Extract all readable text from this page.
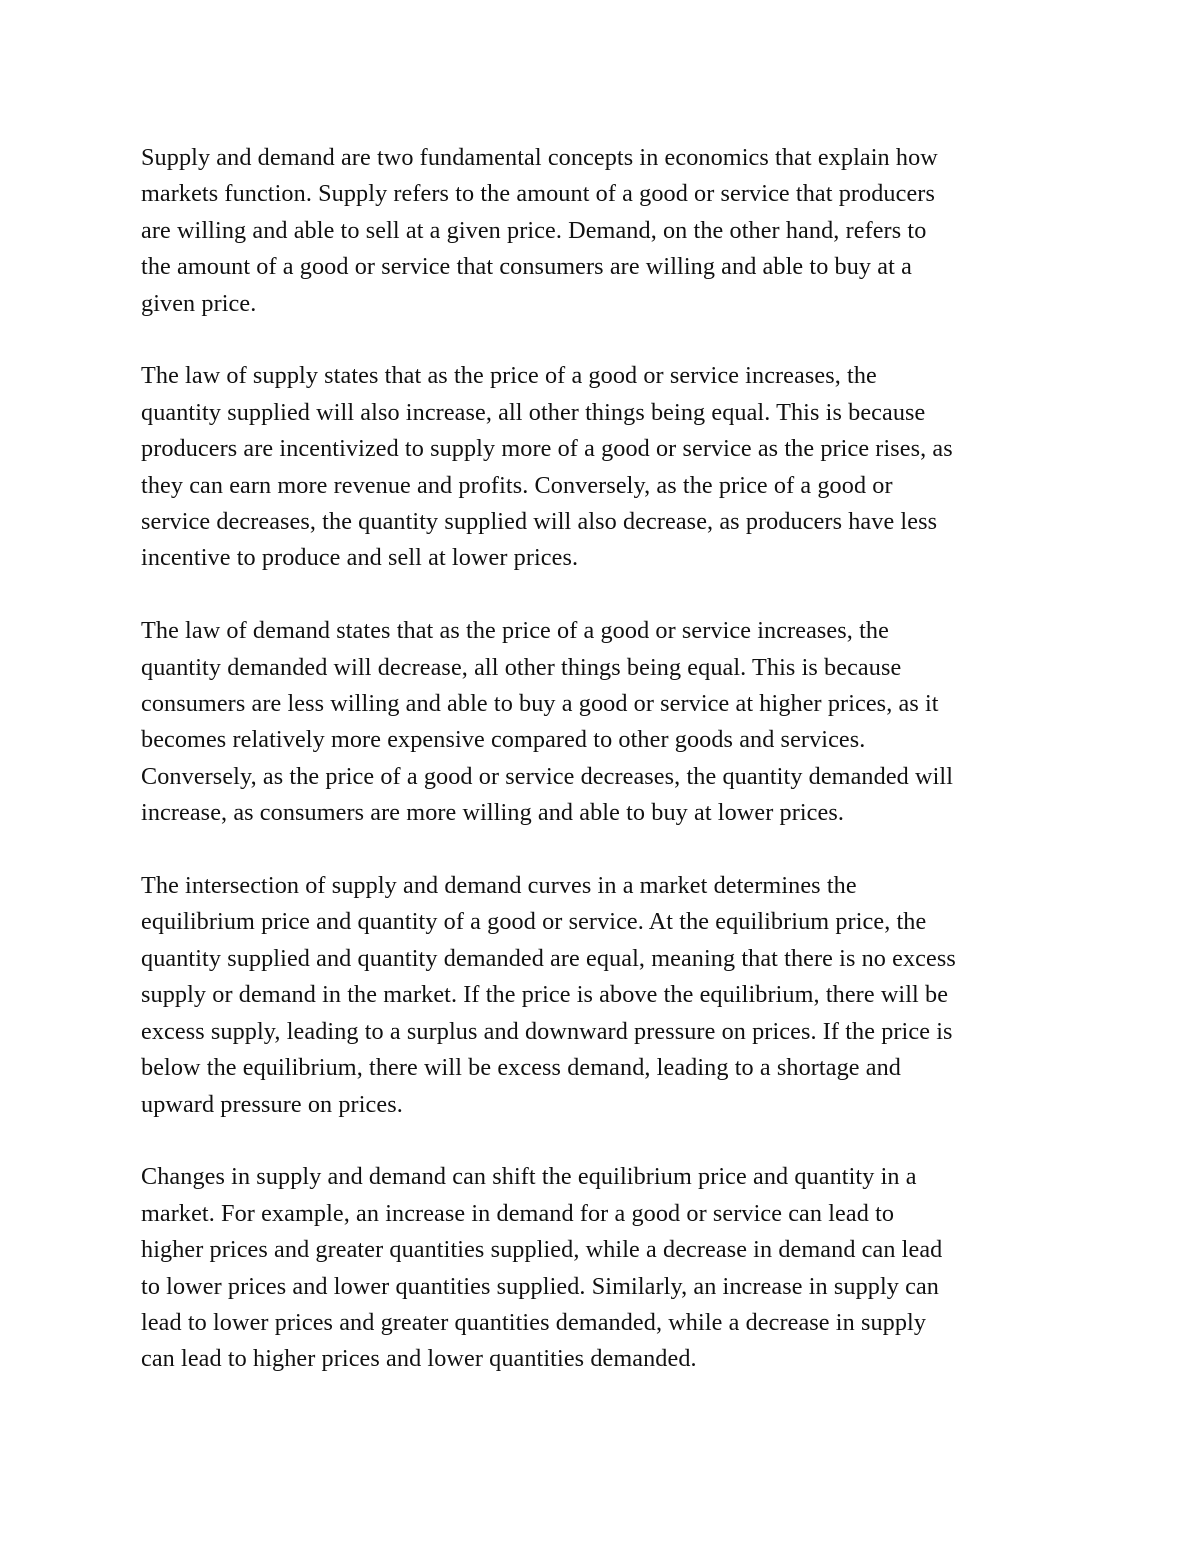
Supply and demand are two fundamental concepts in economics that explain how
markets function. Supply refers to the amount of a good or service that producers
are willing and able to sell at a given price. Demand, on the other hand, refers to
the amount of a good or service that consumers are willing and able to buy at a
given price.

The law of supply states that as the price of a good or service increases, the
quantity supplied will also increase, all other things being equal. This is because
producers are incentivized to supply more of a good or service as the price rises, as
they can earn more revenue and profits. Conversely, as the price of a good or
service decreases, the quantity supplied will also decrease, as producers have less
incentive to produce and sell at lower prices.

The law of demand states that as the price of a good or service increases, the
quantity demanded will decrease, all other things being equal. This is because
consumers are less willing and able to buy a good or service at higher prices, as it
becomes relatively more expensive compared to other goods and services.
Conversely, as the price of a good or service decreases, the quantity demanded will
increase, as consumers are more willing and able to buy at lower prices.

The intersection of supply and demand curves in a market determines the
equilibrium price and quantity of a good or service. At the equilibrium price, the
quantity supplied and quantity demanded are equal, meaning that there is no excess
supply or demand in the market. If the price is above the equilibrium, there will be
excess supply, leading to a surplus and downward pressure on prices. If the price is
below the equilibrium, there will be excess demand, leading to a shortage and
upward pressure on prices.

Changes in supply and demand can shift the equilibrium price and quantity in a
market. For example, an increase in demand for a good or service can lead to
higher prices and greater quantities supplied, while a decrease in demand can lead
to lower prices and lower quantities supplied. Similarly, an increase in supply can
lead to lower prices and greater quantities demanded, while a decrease in supply
can lead to higher prices and lower quantities demanded.
